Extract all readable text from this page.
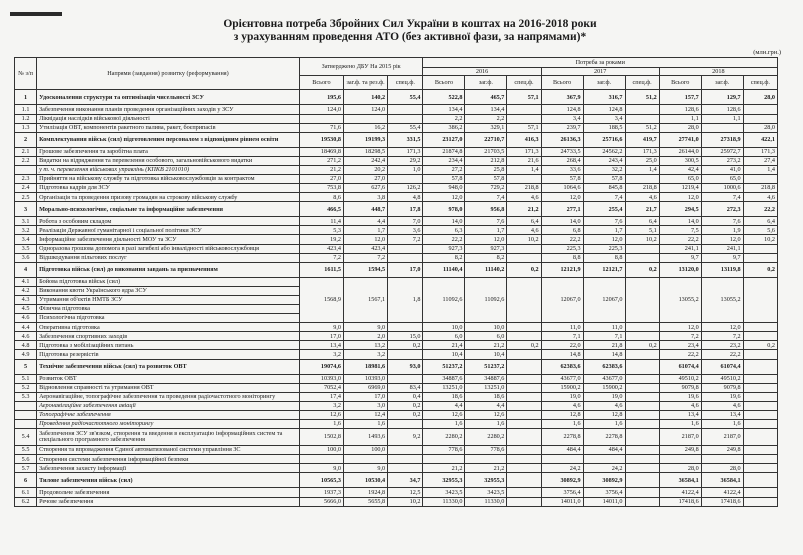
Орієнтовна потреба Збройних Сил України в коштах на 2016-2018 роки
з урахуванням проведення АТО (без активної фази, за напрямами)*
(млн.грн.)
№ з/п	Напрями (завдання) розвитку (реформування)	Затверджено ДБУ На 2015 рік			Потреба за роками								
					2016			2017			2018		
		Всього	заг.ф. та рез.ф.	спец.ф.	Всього	заг.ф.	спец.ф.	Всього	заг.ф.	спец.ф.	Всього	заг.ф.	спец.ф.
1	Удосконалення структури та оптимізація чисельності ЗСУ	195,6	140,2	55,4	522,8	465,7	57,1	367,9	316,7	51,2	157,7	129,7	28,0
1.1	Забезпечення виконання планів проведення організаційних заходів у ЗСУ	124,0	124,0		134,4	134,4		124,8	124,8		128,6	128,6	
1.2	Ліквідація наслідків військової діяльності				2,2	2,2		3,4	3,4		1,1	1,1	
1.3	Утилізація ОВТ, компонентів ракетного палива, ракет, боєприпасів	71,6	16,2	55,4	386,2	329,1	57,1	239,7	188,5	51,2	28,0		28,0
2	Комплектування військ (сил) підготовленим персоналом з відповідним рівнем освіти	19530,8	19199,3	331,5	23127,0	22710,7	416,3	26136,3	25716,6	419,7	27741,0	27318,9	422,1
2.1	Грошове забезпечення та заробітна плата	18469,8	18298,5	171,3	21874,8	21703,5	171,3	24733,5	24562,2	171,3	26144,0	25972,7	171,3
2.2	Видатки на відрядження та перевезення особового, загальновійськового видатки	271,2	242,4	29,2	234,4	212,8	21,6	268,4	243,4	25,0	300,5	273,2	27,4
	у т. ч. перевезення військових управлінь (КПКВ 2101010)	21,2	20,2	1,0	27,2	25,8	1,4	33,6	32,2	1,4	42,4	41,0	1,4
2.3	Прийняття на військову службу та підготовка військовослужбовців за контрактом	27,0	27,0		57,8	57,8		57,8	57,8		65,0	65,0	
2.4	Підготовка кадрів для ЗСУ	753,8	627,6	126,2	948,0	729,2	218,8	1064,6	845,8	218,8	1219,4	1000,6	218,8
2.5	Організація та проведення призову громадян на строкову військову службу	8,6	3,8	4,8	12,0	7,4	4,6	12,0	7,4	4,6	12,0	7,4	4,6
3	Морально-психологічне, соціальне та інформаційне забезпечення	466,5	448,7	17,8	978,0	956,8	21,2	277,1	255,4	21,7	294,5	272,3	22,2
3.1	Робота з особовим складом	11,4	4,4	7,0	14,0	7,6	6,4	14,0	7,6	6,4	14,0	7,6	6,4
3.2	Реалізація Державної гуманітарної і соціальної політики ЗСУ	5,3	1,7	3,6	6,3	1,7	4,6	6,8	1,7	5,1	7,5	1,9	5,6
3.4	Інформаційне забезпечення діяльності МОУ та ЗСУ	19,2	12,0	7,2	22,2	12,0	10,2	22,2	12,0	10,2	22,2	12,0	10,2
3.5	Одноразова грошова допомога в разі загибелі або інвалідності військовослужбовця	423,4	423,4		927,3	927,3		225,3	225,3		241,1	241,1	
3.6	Відшкодування пільгових послуг	7,2	7,2		8,2	8,2		8,8	8,8		9,7	9,7	
4	Підготовка військ (сил) до виконання завдань за призначенням	1611,5	1594,5	17,0	11140,4	11140,2	0,2	12121,9	12121,7	0,2	13120,0	13119,8	0,2
4.1	Бойова підготовка військ (сил)	1568,9	1567,1	1,8	11092,6	11092,6		12067,0	12067,0		13055,2	13055,2	
4.2	Виконання квоти Українського ядра ЗСУ												
4.3	Утримання об'єктів НМТБ ЗСУ												
4.5	Фізична підготовка												
4.6	Психологічна підготовка												
4.4	Оперативна підготовка	9,0	9,0		10,0	10,0		11,0	11,0		12,0	12,0	
4.6	Забезпечення спортивних заходів	17,0	2,0	15,0	6,0	6,0		7,1	7,1		7,2	7,2	
4.8	Підготовка з мобілізаційних питань	13,4	13,2	0,2	21,4	21,2	0,2	22,0	21,8	0,2	23,4	23,2	0,2
4.9	Підготовка резервістів	3,2	3,2		10,4	10,4		14,8	14,8		22,2	22,2	
5	Технічне забезпечення військ (сил) та розвиток ОВТ	19074,6	18981,6	93,0	51237,2	51237,2		62383,6	62383,6		61074,4	61074,4	
5.1	Розвиток ОВТ	10393,0	10393,0		34887,6	34887,6		43677,0	43677,0		49510,2	49510,2	
5.2	Відновлення справності та утримання ОВТ	7052,4	6969,0	83,4	13251,0	13251,0		15900,2	15900,2		9079,8	9079,8	
5.3	Аеронавігаційне, топографічне забезпечення та проведення радіочастотного моніторингу	17,4	17,0	0,4	18,6	18,6		19,0	19,0		19,6	19,6	
	Аеронавігаційне забезпечення авіації	3,2	3,0	0,2	4,4	4,4		4,6	4,6		4,6	4,6	
	Топографічне забезпечення	12,6	12,4	0,2	12,6	12,6		12,8	12,8		13,4	13,4	
	Проведення радіочастотного моніторингу	1,6	1,6		1,6	1,6		1,6	1,6		1,6	1,6	
5.4	Забезпечення ЗСУ зв'язком, створення та введення в експлуатацію інформаційних систем та спеціального програмного забезпечення	1502,8	1493,6	9,2	2280,2	2280,2		2278,8	2278,8		2187,0	2187,0	
5.5	Створення та впровадження Єдиної автоматизованої системи управління ЗС	100,0	100,0		778,6	778,6		484,4	484,4		249,8	249,8	
5.6	Створення системи забезпечення інформаційної безпеки												
5.7	Забезпечення захисту інформації	9,0	9,0		21,2	21,2		24,2	24,2		28,0	28,0	
6	Тилове забезпечення військ (сил)	10565,3	10530,4	34,7	32955,3	32955,3		30892,9	30892,9		36584,1	36584,1	
6.1	Продовольче забезпечення	1937,3	1924,8	12,5	3423,5	3423,5		3756,4	3756,4		4122,4	4122,4	
6.2	Речове забезпечення	5666,0	5655,8	10,2	11330,0	11330,0		14011,0	14011,0		17418,6	17418,6	
